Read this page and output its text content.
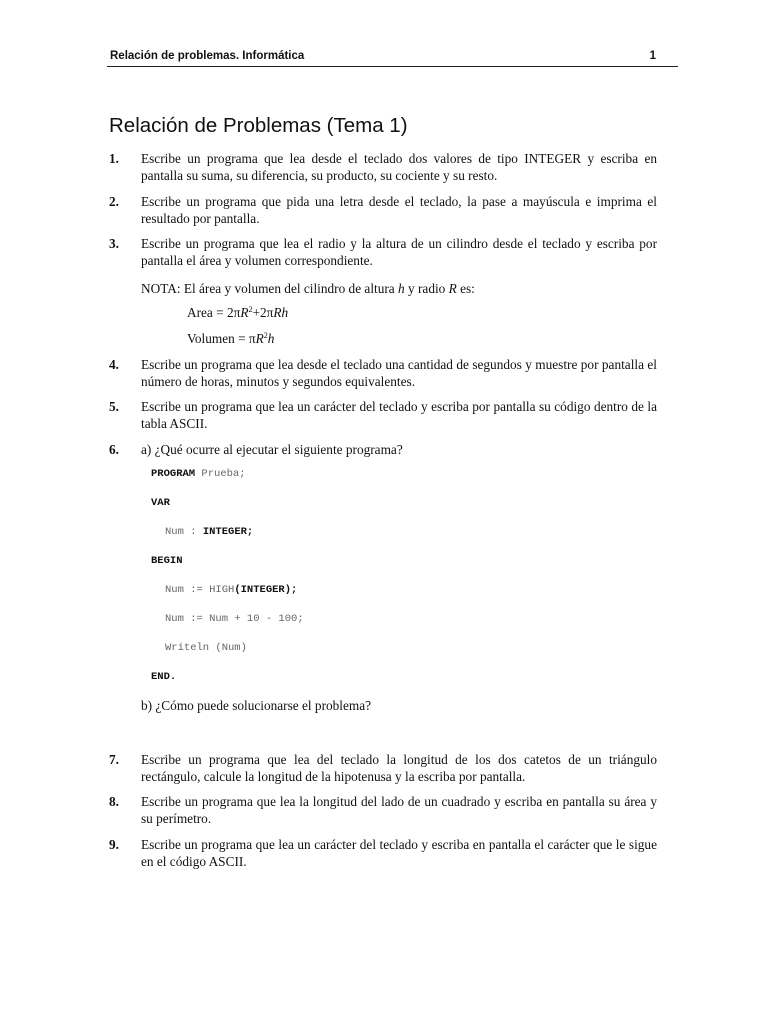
Relación de problemas. Informática	1
Relación de Problemas (Tema 1)
1. Escribe un programa que lea desde el teclado dos valores de tipo INTEGER y escriba en pantalla su suma, su diferencia, su producto, su cociente y su resto.
2. Escribe un programa que pida una letra desde el teclado, la pase a mayúscula e imprima el resultado por pantalla.
3. Escribe un programa que lea el radio y la altura de un cilindro desde el teclado y escriba por pantalla el área y volumen correspondiente.
NOTA: El área y volumen del cilindro de altura h y radio R es:
Area = $2\pi R^2+2\pi Rh$
Volumen = $\pi R^2h$
4. Escribe un programa que lea desde el teclado una cantidad de segundos y muestre por pantalla el número de horas, minutos y segundos equivalentes.
5. Escribe un programa que lea un carácter del teclado y escriba por pantalla su código dentro de la tabla ASCII.
6. a) ¿Qué ocurre al ejecutar el siguiente programa?
PROGRAM Prueba;
VAR
Num : INTEGER;
BEGIN
Num := HIGH(INTEGER);
Num := Num + 10 - 100;
Writeln (Num)
END.
b) ¿Cómo puede solucionarse el problema?
7. Escribe un programa que lea del teclado la longitud de los dos catetos de un triángulo rectángulo, calcule la longitud de la hipotenusa y la escriba por pantalla.
8. Escribe un programa que lea la longitud del lado de un cuadrado y escriba en pantalla su área y su perímetro.
9. Escribe un programa que lea un carácter del teclado y escriba en pantalla el carácter que le sigue en el código ASCII.
